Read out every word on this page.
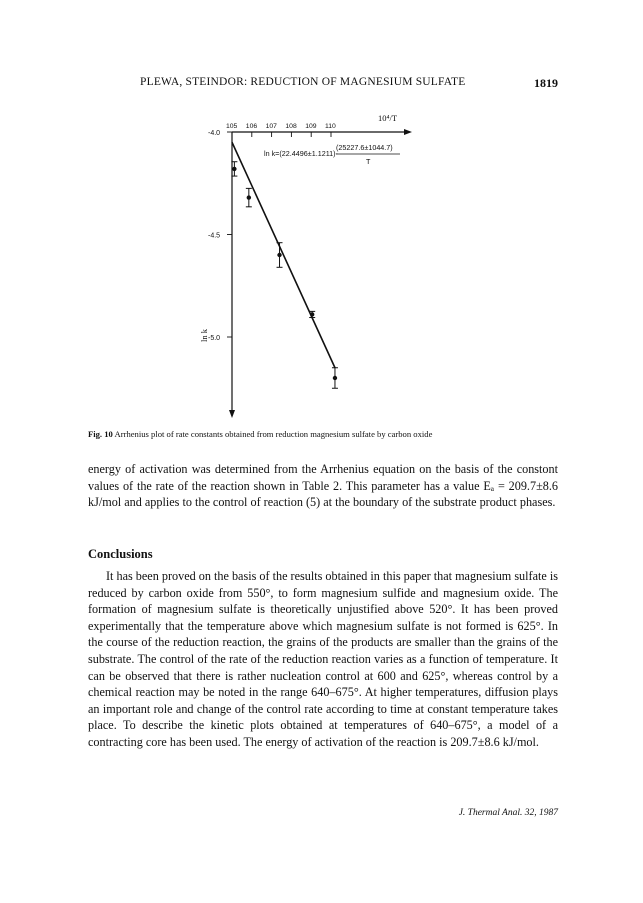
PLEWA, STEINDOR: REDUCTION OF MAGNESIUM SULFATE	1819
10⁴/T
ln k=(22.4496±1.1211)-
(25227.6±1044.7)
T
ln k
105 106 107 108 109 110
-4.0
-4.5
-5.0
Fig. 10 Arrhenius plot of rate constants obtained from reduction magnesium sulfate by carbon oxide

energy of activation was determined from the Arrhenius equation on the basis of the constont values of the rate of the reaction shown in Table 2. This parameter has a value Eₐ = 209.7±8.6 kJ/mol and applies to the control of reaction (5) at the boundary of the substrate product phases.

Conclusions

It has been proved on the basis of the results obtained in this paper that magnesium sulfate is reduced by carbon oxide from 550°, to form magnesium sulfide and magnesium oxide. The formation of magnesium sulfate is theoretically unjustified above 520°. It has been proved experimentally that the temperature above which magnesium sulfate is not formed is 625°. In the course of the reduction reaction, the grains of the products are smaller than the grains of the substrate. The control of the rate of the reduction reaction varies as a function of temperature. It can be observed that there is rather nucleation control at 600 and 625°, whereas control by a chemical reaction may be noted in the range 640–675°. At higher temperatures, diffusion plays an important role and change of the control rate according to time at constant temperature takes place. To describe the kinetic plots obtained at temperatures of 640–675°, a model of a contracting core has been used. The energy of activation of the reaction is 209.7±8.6 kJ/mol.

J. Thermal Anal. 32, 1987
